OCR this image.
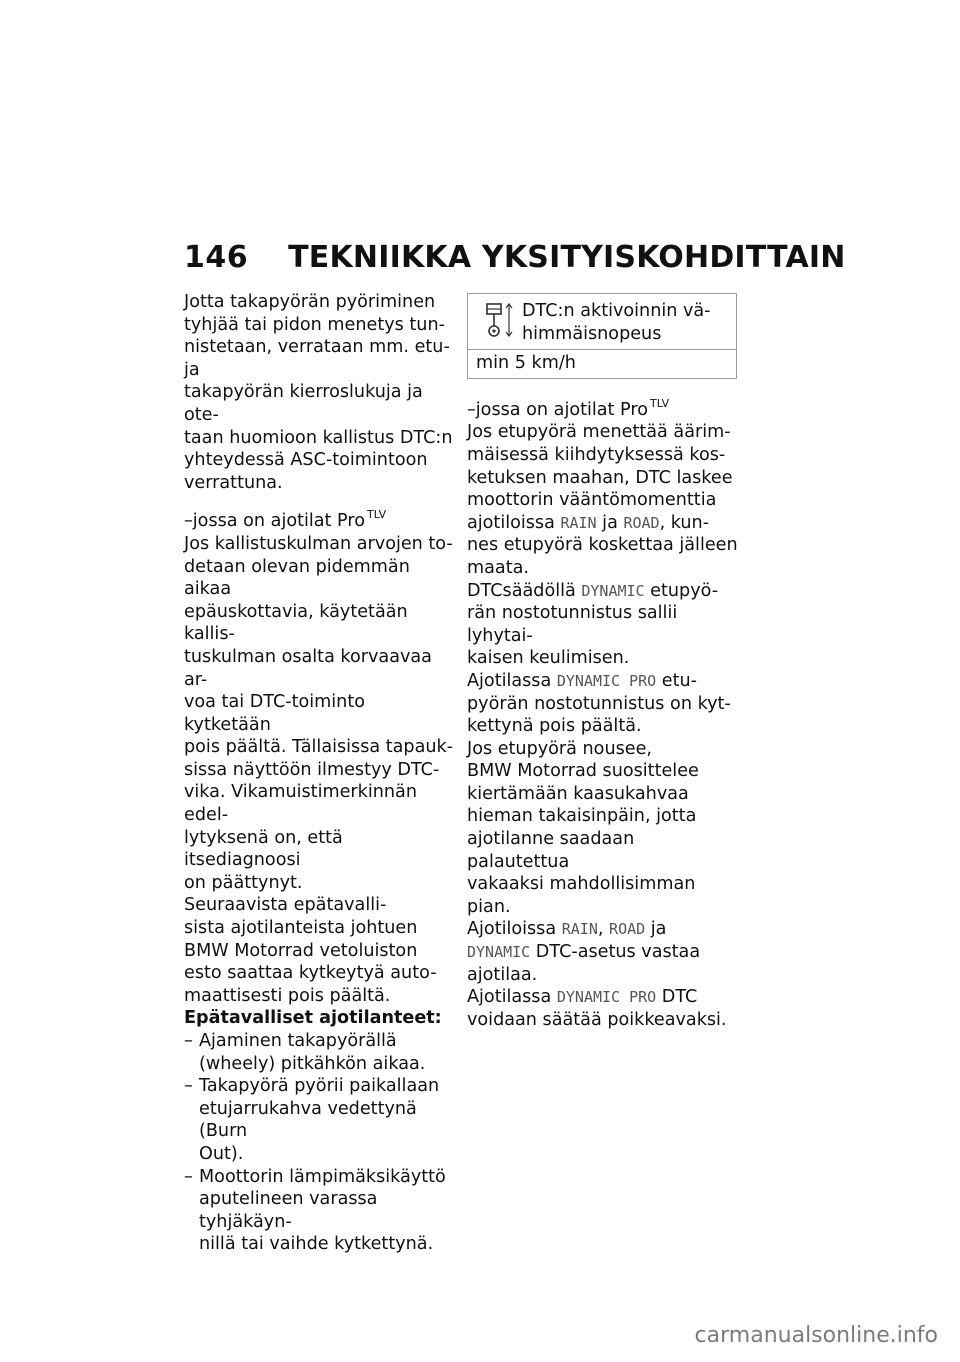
146 TEKNIIKKA YKSITYISKOHDITTAIN

Jotta takapyörän pyöriminen
tyhjää tai pidon menetys tun-
nistetaan, verrataan mm. etu- ja
takapyörän kierroslukuja ja ote-
taan huomioon kallistus DTC:n
yhteydessä ASC-toimintoon
verrattuna.

–jossa on ajotilat Pro $^{TLV}$

Jos kallistuskulman arvojen to-
detaan olevan pidemmän aikaa
epäuskottavia, käytetään kallis-
tuskulman osalta korvaavaa ar-
voa tai DTC-toiminto kytketään
pois päältä. Tällaisissa tapauk-
sissa näyttöön ilmestyy DTC-
vika. Vikamuistimerkinnän edel-
lytyksenä on, että itsediagnoosi
on päättynyt.
Seuraavista epätavalli-
sista ajotilanteista johtuen
BMW Motorrad vetoluiston
esto saattaa kytkeytyä auto-
maattisesti pois päältä.

Epätavalliset ajotilanteet:

– Ajaminen takapyörällä
(wheely) pitkähkön aikaa.
– Takapyörä pyörii paikallaan
etujarrukahva vedettynä (Burn
Out).
– Moottorin lämpimäksikäyttö
aputelineen varassa tyhjäkäyn-
nillä tai vaihde kytkettynä.
DTC:n aktivoinnin vä-
himmäisnopeus
min 5 km/h

–jossa on ajotilat Pro $^{TLV}$

Jos etupyörä menettää äärim-
mäisessä kiihdytyksessä kos-
ketuksen maahan, DTC laskee
moottorin vääntömomenttia
ajotiloissa RAIN ja ROAD, kun-
nes etupyörä koskettaa jälleen
maata.

DTCsäädöllä DYNAMIC etupyö-
rän nostotunnistus sallii lyhytai-
kaisen keulimisen.

Ajotilassa DYNAMIC PRO etu-
pyörän nostotunnistus on kyt-
kettynä pois päältä.

Jos etupyörä nousee,
BMW Motorrad suosittelee
kiertämään kaasukahvaa
hieman takaisinpäin, jotta
ajotilanne saadaan palautettua
vakaaksi mahdollisimman pian.

Ajotiloissa RAIN, ROAD ja
DYNAMIC DTC-asetus vastaa
ajotilaa.

Ajotilassa DYNAMIC PRO DTC
voidaan säätää poikkeavaksi.

carmanualsonline.info
